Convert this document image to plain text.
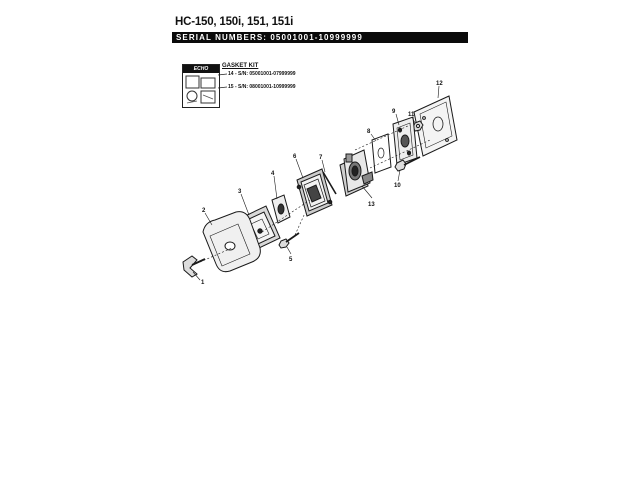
HC-150, 150i, 151, 151i
SERIAL NUMBERS: 05001001-10999999
ECHO	GASKET KIT
14 - S/N: 05001001-07999999
15 - S/N: 08001001-10999999
1
2
3
4
5
6	7
8
9
10
11
12
13
